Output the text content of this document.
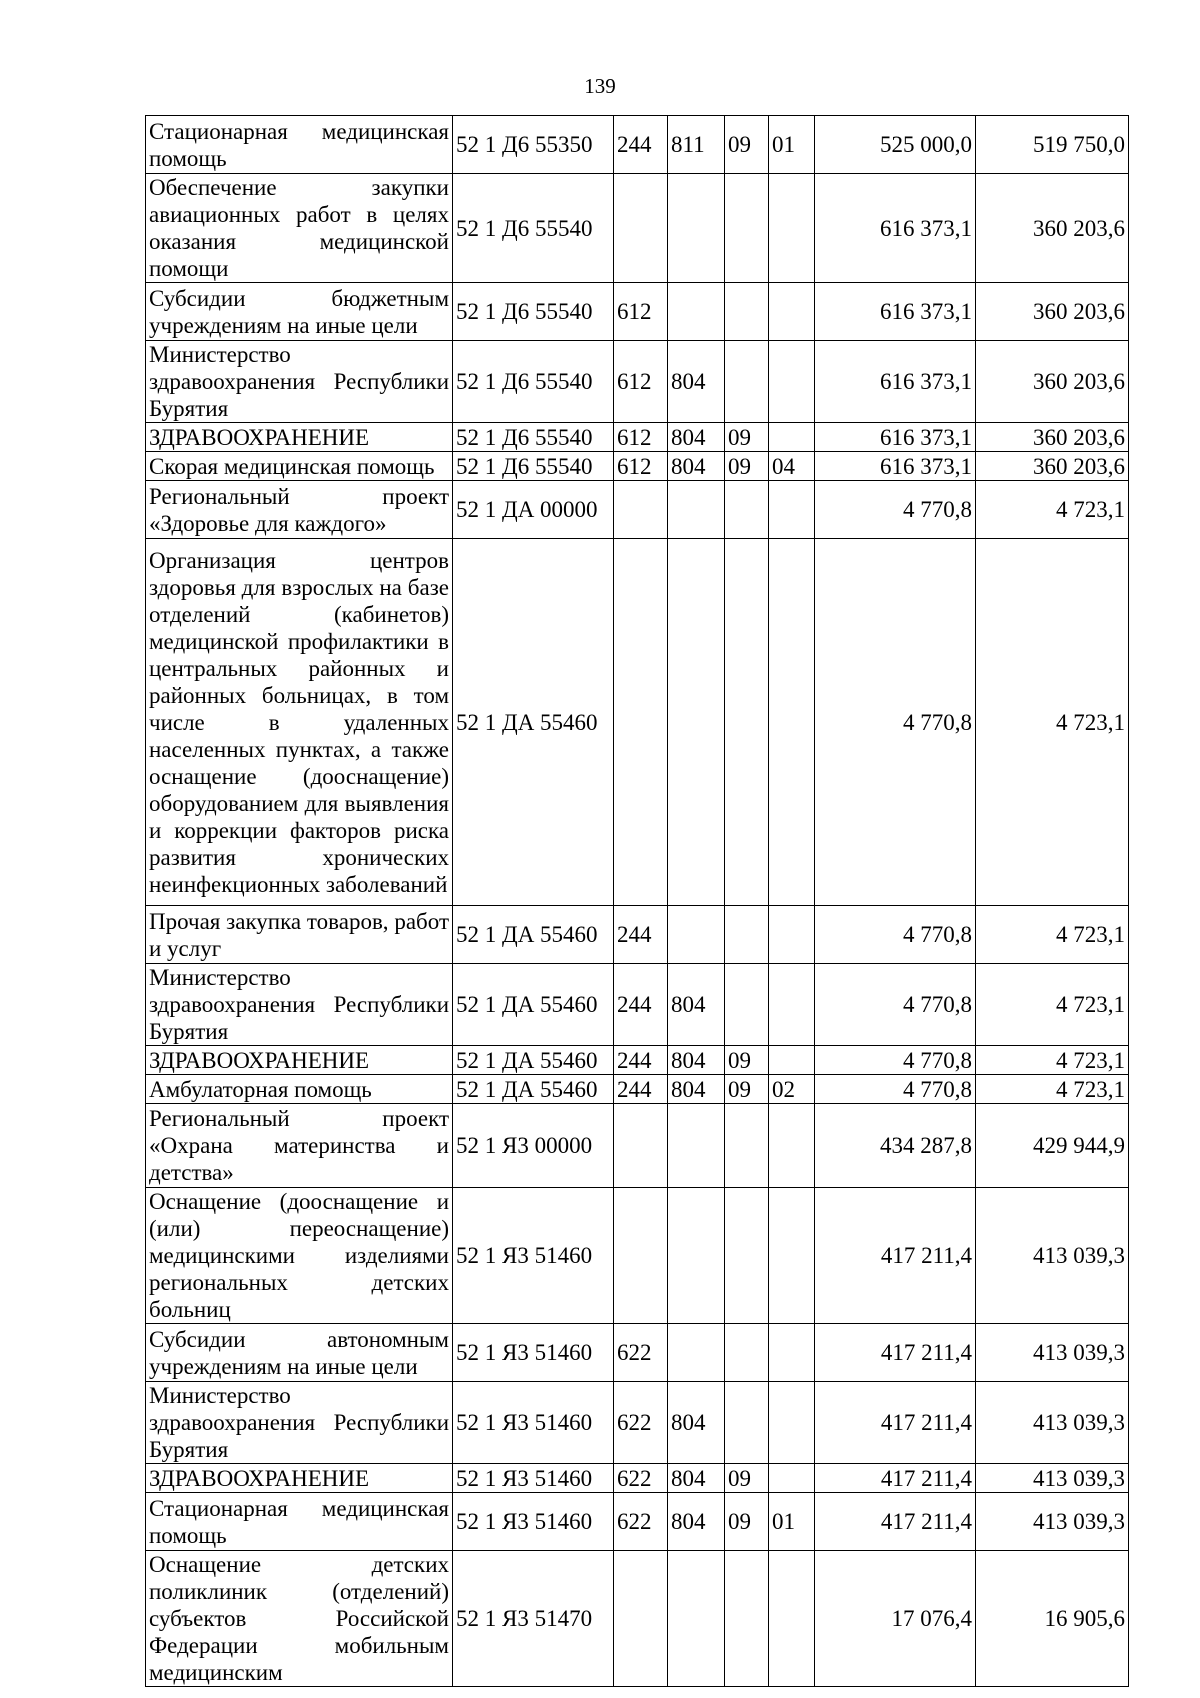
139
Стационарная медицинская помощь	52 1 Д6 55350	244	811	09	01	525 000,0	519 750,0
Обеспечение закупки авиационных работ в целях оказания медицинской помощи	52 1 Д6 55540					616 373,1	360 203,6
Субсидии бюджетным учреждениям на иные цели	52 1 Д6 55540	612				616 373,1	360 203,6
Министерство здравоохранения Республики Бурятия	52 1 Д6 55540	612	804			616 373,1	360 203,6
ЗДРАВООХРАНЕНИЕ	52 1 Д6 55540	612	804	09		616 373,1	360 203,6
Скорая медицинская помощь	52 1 Д6 55540	612	804	09	04	616 373,1	360 203,6
Региональный проект «Здоровье для каждого»	52 1 ДА 00000					4 770,8	4 723,1
Организация центров здоровья для взрослых на базе отделений (кабинетов) медицинской профилактики в центральных районных и районных больницах, в том числе в удаленных населенных пунктах, а также оснащение (дооснащение) оборудованием для выявления и коррекции факторов риска развития хронических неинфекционных заболеваний	52 1 ДА 55460					4 770,8	4 723,1
Прочая закупка товаров, работ и услуг	52 1 ДА 55460	244				4 770,8	4 723,1
Министерство здравоохранения Республики Бурятия	52 1 ДА 55460	244	804			4 770,8	4 723,1
ЗДРАВООХРАНЕНИЕ	52 1 ДА 55460	244	804	09		4 770,8	4 723,1
Амбулаторная помощь	52 1 ДА 55460	244	804	09	02	4 770,8	4 723,1
Региональный проект «Охрана материнства и детства»	52 1 Я3 00000					434 287,8	429 944,9
Оснащение (дооснащение и (или) переоснащение) медицинскими изделиями региональных детских больниц	52 1 Я3 51460					417 211,4	413 039,3
Субсидии автономным учреждениям на иные цели	52 1 Я3 51460	622				417 211,4	413 039,3
Министерство здравоохранения Республики Бурятия	52 1 Я3 51460	622	804			417 211,4	413 039,3
ЗДРАВООХРАНЕНИЕ	52 1 Я3 51460	622	804	09		417 211,4	413 039,3
Стационарная медицинская помощь	52 1 Я3 51460	622	804	09	01	417 211,4	413 039,3
Оснащение детских поликлиник (отделений) субъектов Российской Федерации мобильным медицинским	52 1 Я3 51470					17 076,4	16 905,6
